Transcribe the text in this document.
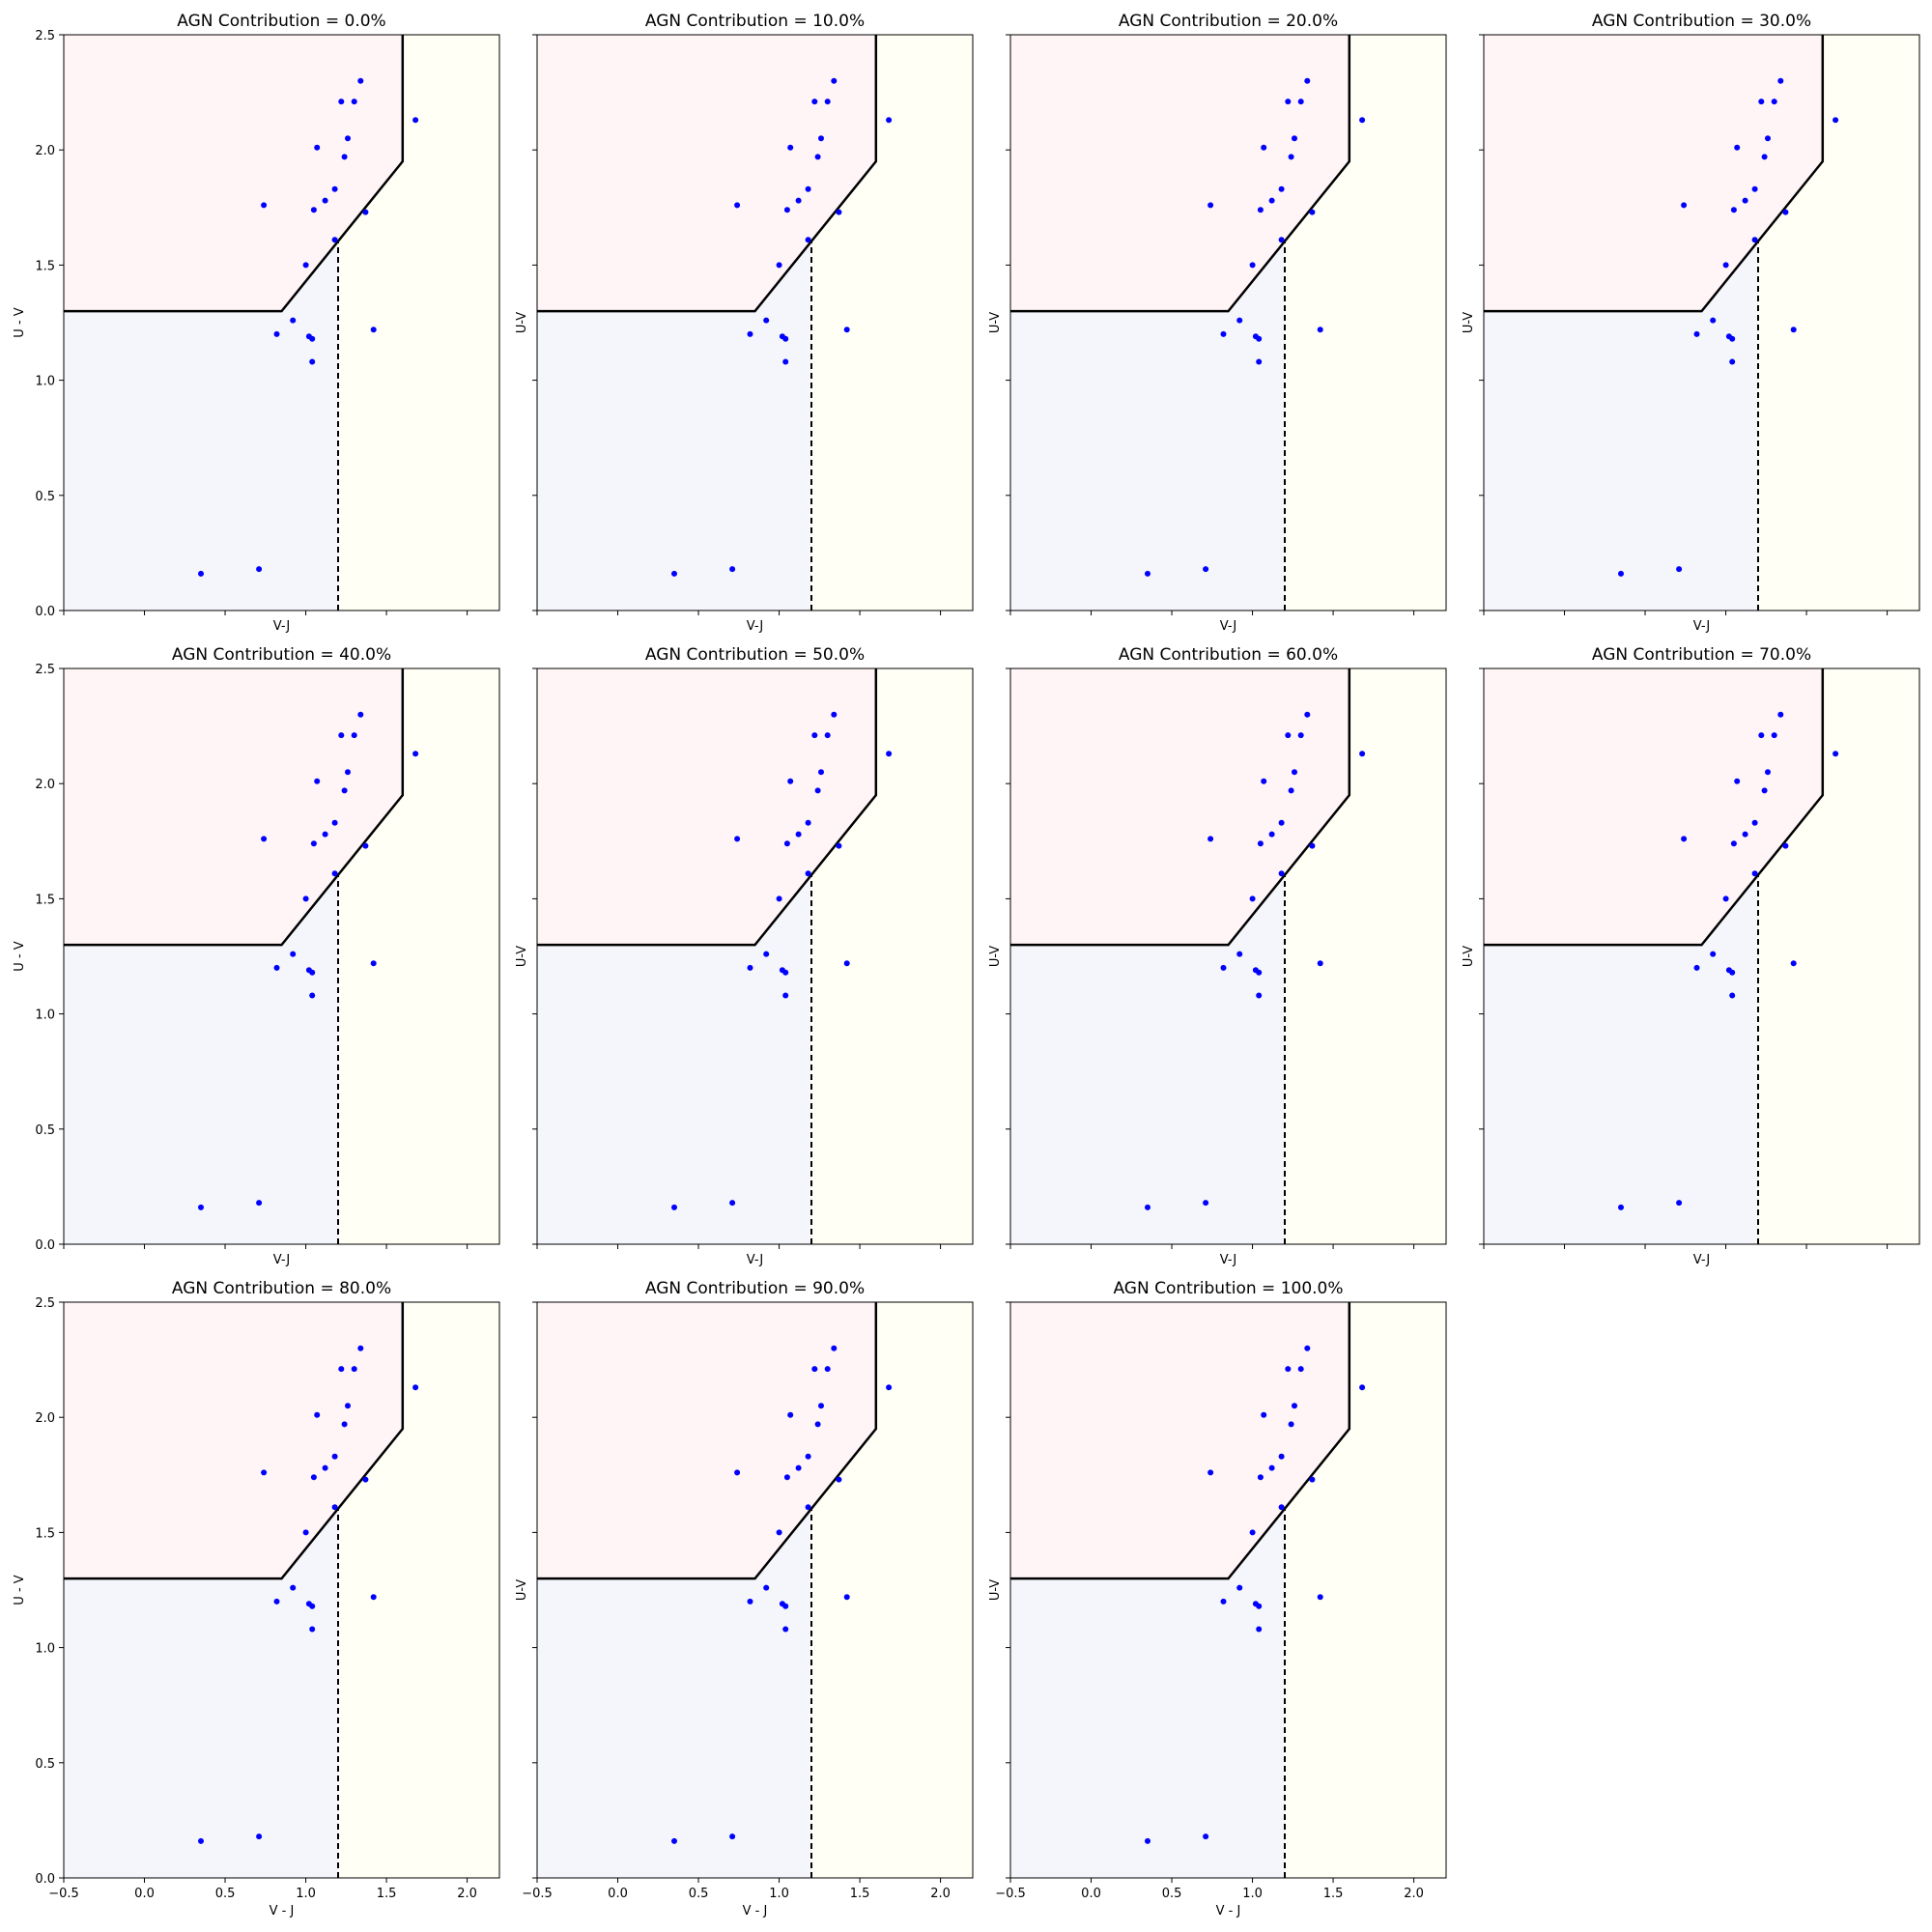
0.0
0.5
1.0
1.5
2.0
2.5
AGN Contribution = 0.0%
V-J
U - V
AGN Contribution = 10.0%
V-J
U-V
AGN Contribution = 20.0%
V-J
U-V
AGN Contribution = 30.0%
V-J
U-V
0.0
0.5
1.0
1.5
2.0
2.5
AGN Contribution = 40.0%
V-J
U - V
AGN Contribution = 50.0%
V-J
U-V
AGN Contribution = 60.0%
V-J
U-V
AGN Contribution = 70.0%
V-J
U-V
−0.5	0.0	0.5	1.0	1.5	2.0
0.0
0.5
1.0
1.5
2.0
2.5
AGN Contribution = 80.0%
V - J
U - V
−0.5	0.0	0.5	1.0	1.5	2.0
AGN Contribution = 90.0%
V - J
U-V
−0.5	0.0	0.5	1.0	1.5	2.0
AGN Contribution = 100.0%
V - J
U-V
